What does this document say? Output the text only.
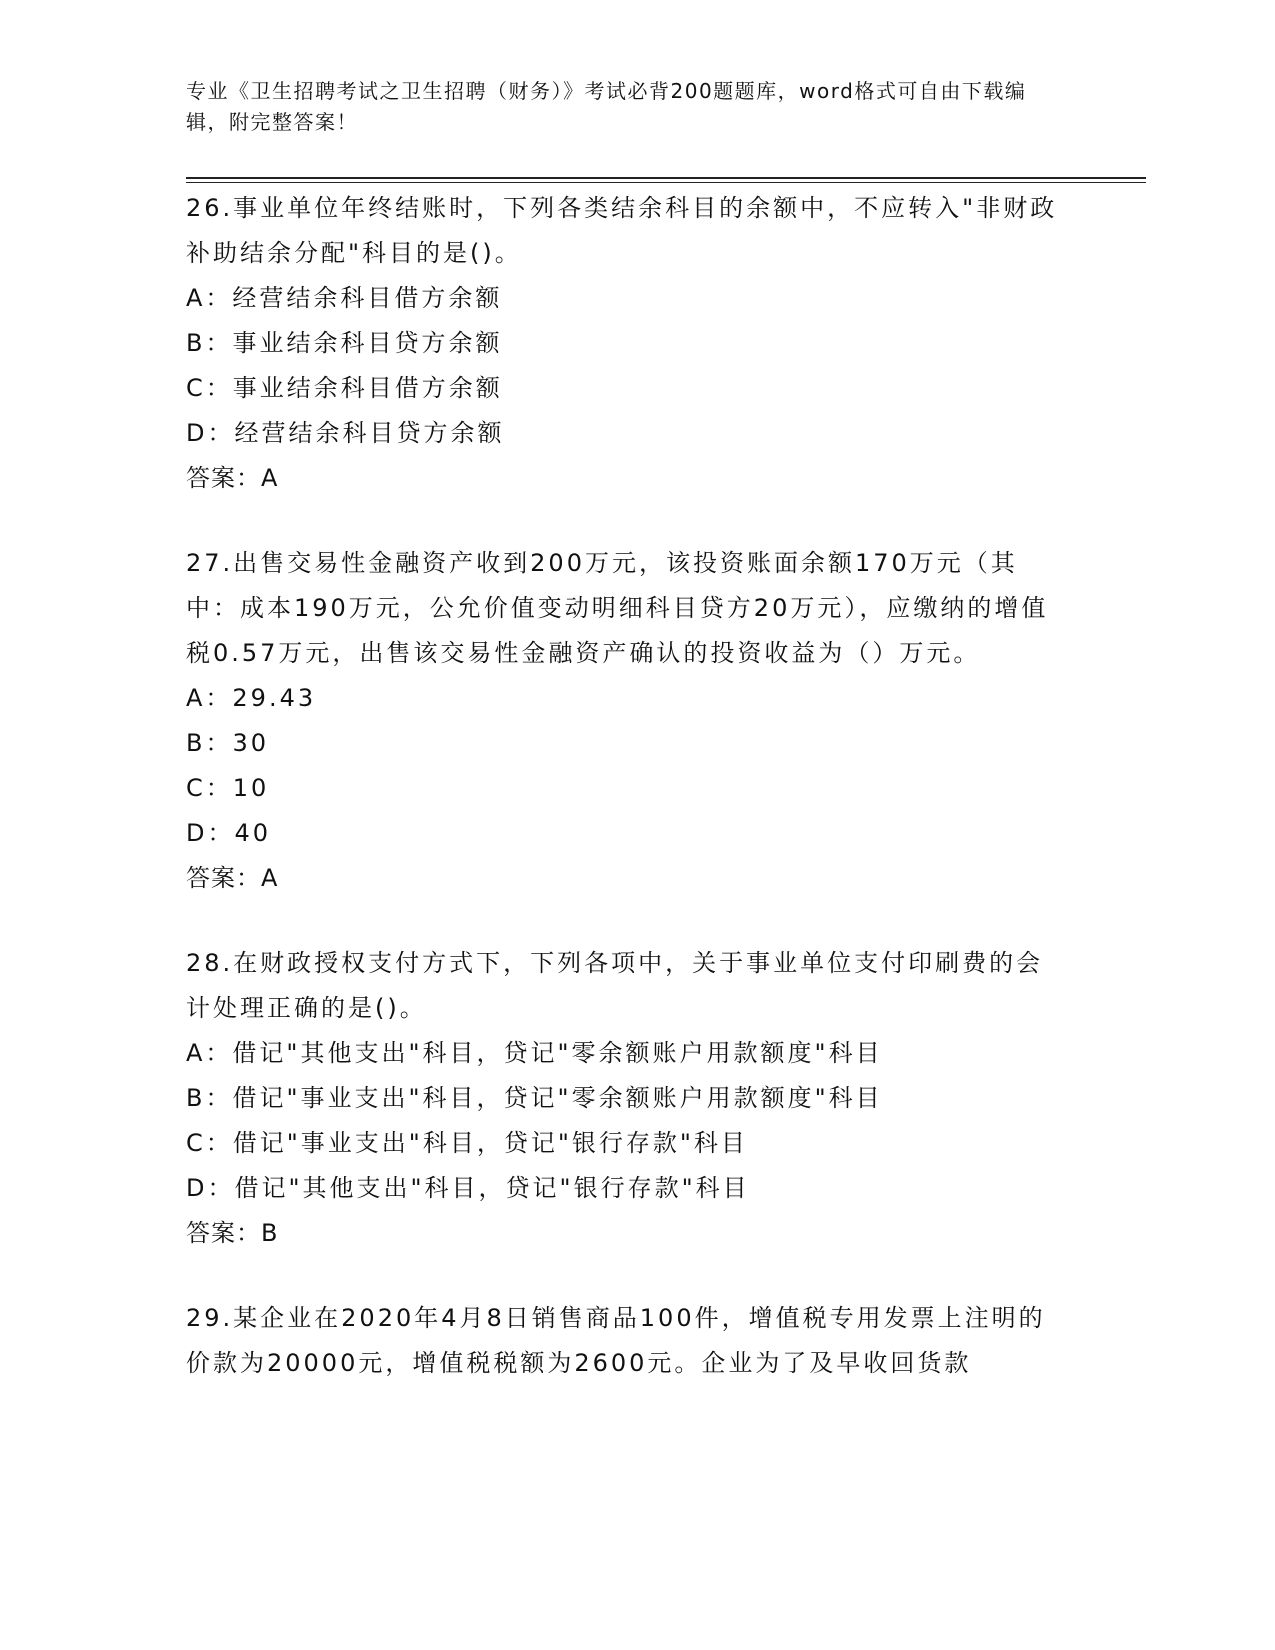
专业《卫生招聘考试之卫生招聘（财务）》考试必背200题题库，word格式可自由下载编辑，附完整答案！
26.事业单位年终结账时，下列各类结余科目的余额中，不应转入"非财政补助结余分配"科目的是()。
A：经营结余科目借方余额
B：事业结余科目贷方余额
C：事业结余科目借方余额
D：经营结余科目贷方余额
答案：A
27.出售交易性金融资产收到200万元，该投资账面余额170万元（其中：成本190万元，公允价值变动明细科目贷方20万元），应缴纳的增值税0.57万元，出售该交易性金融资产确认的投资收益为（）万元。
A：29.43
B：30
C：10
D：40
答案：A
28.在财政授权支付方式下，下列各项中，关于事业单位支付印刷费的会计处理正确的是()。
A：借记"其他支出"科目，贷记"零余额账户用款额度"科目
B：借记"事业支出"科目，贷记"零余额账户用款额度"科目
C：借记"事业支出"科目，贷记"银行存款"科目
D：借记"其他支出"科目，贷记"银行存款"科目
答案：B
29.某企业在2020年4月8日销售商品100件，增值税专用发票上注明的价款为20000元，增值税税额为2600元。企业为了及早收回货款
